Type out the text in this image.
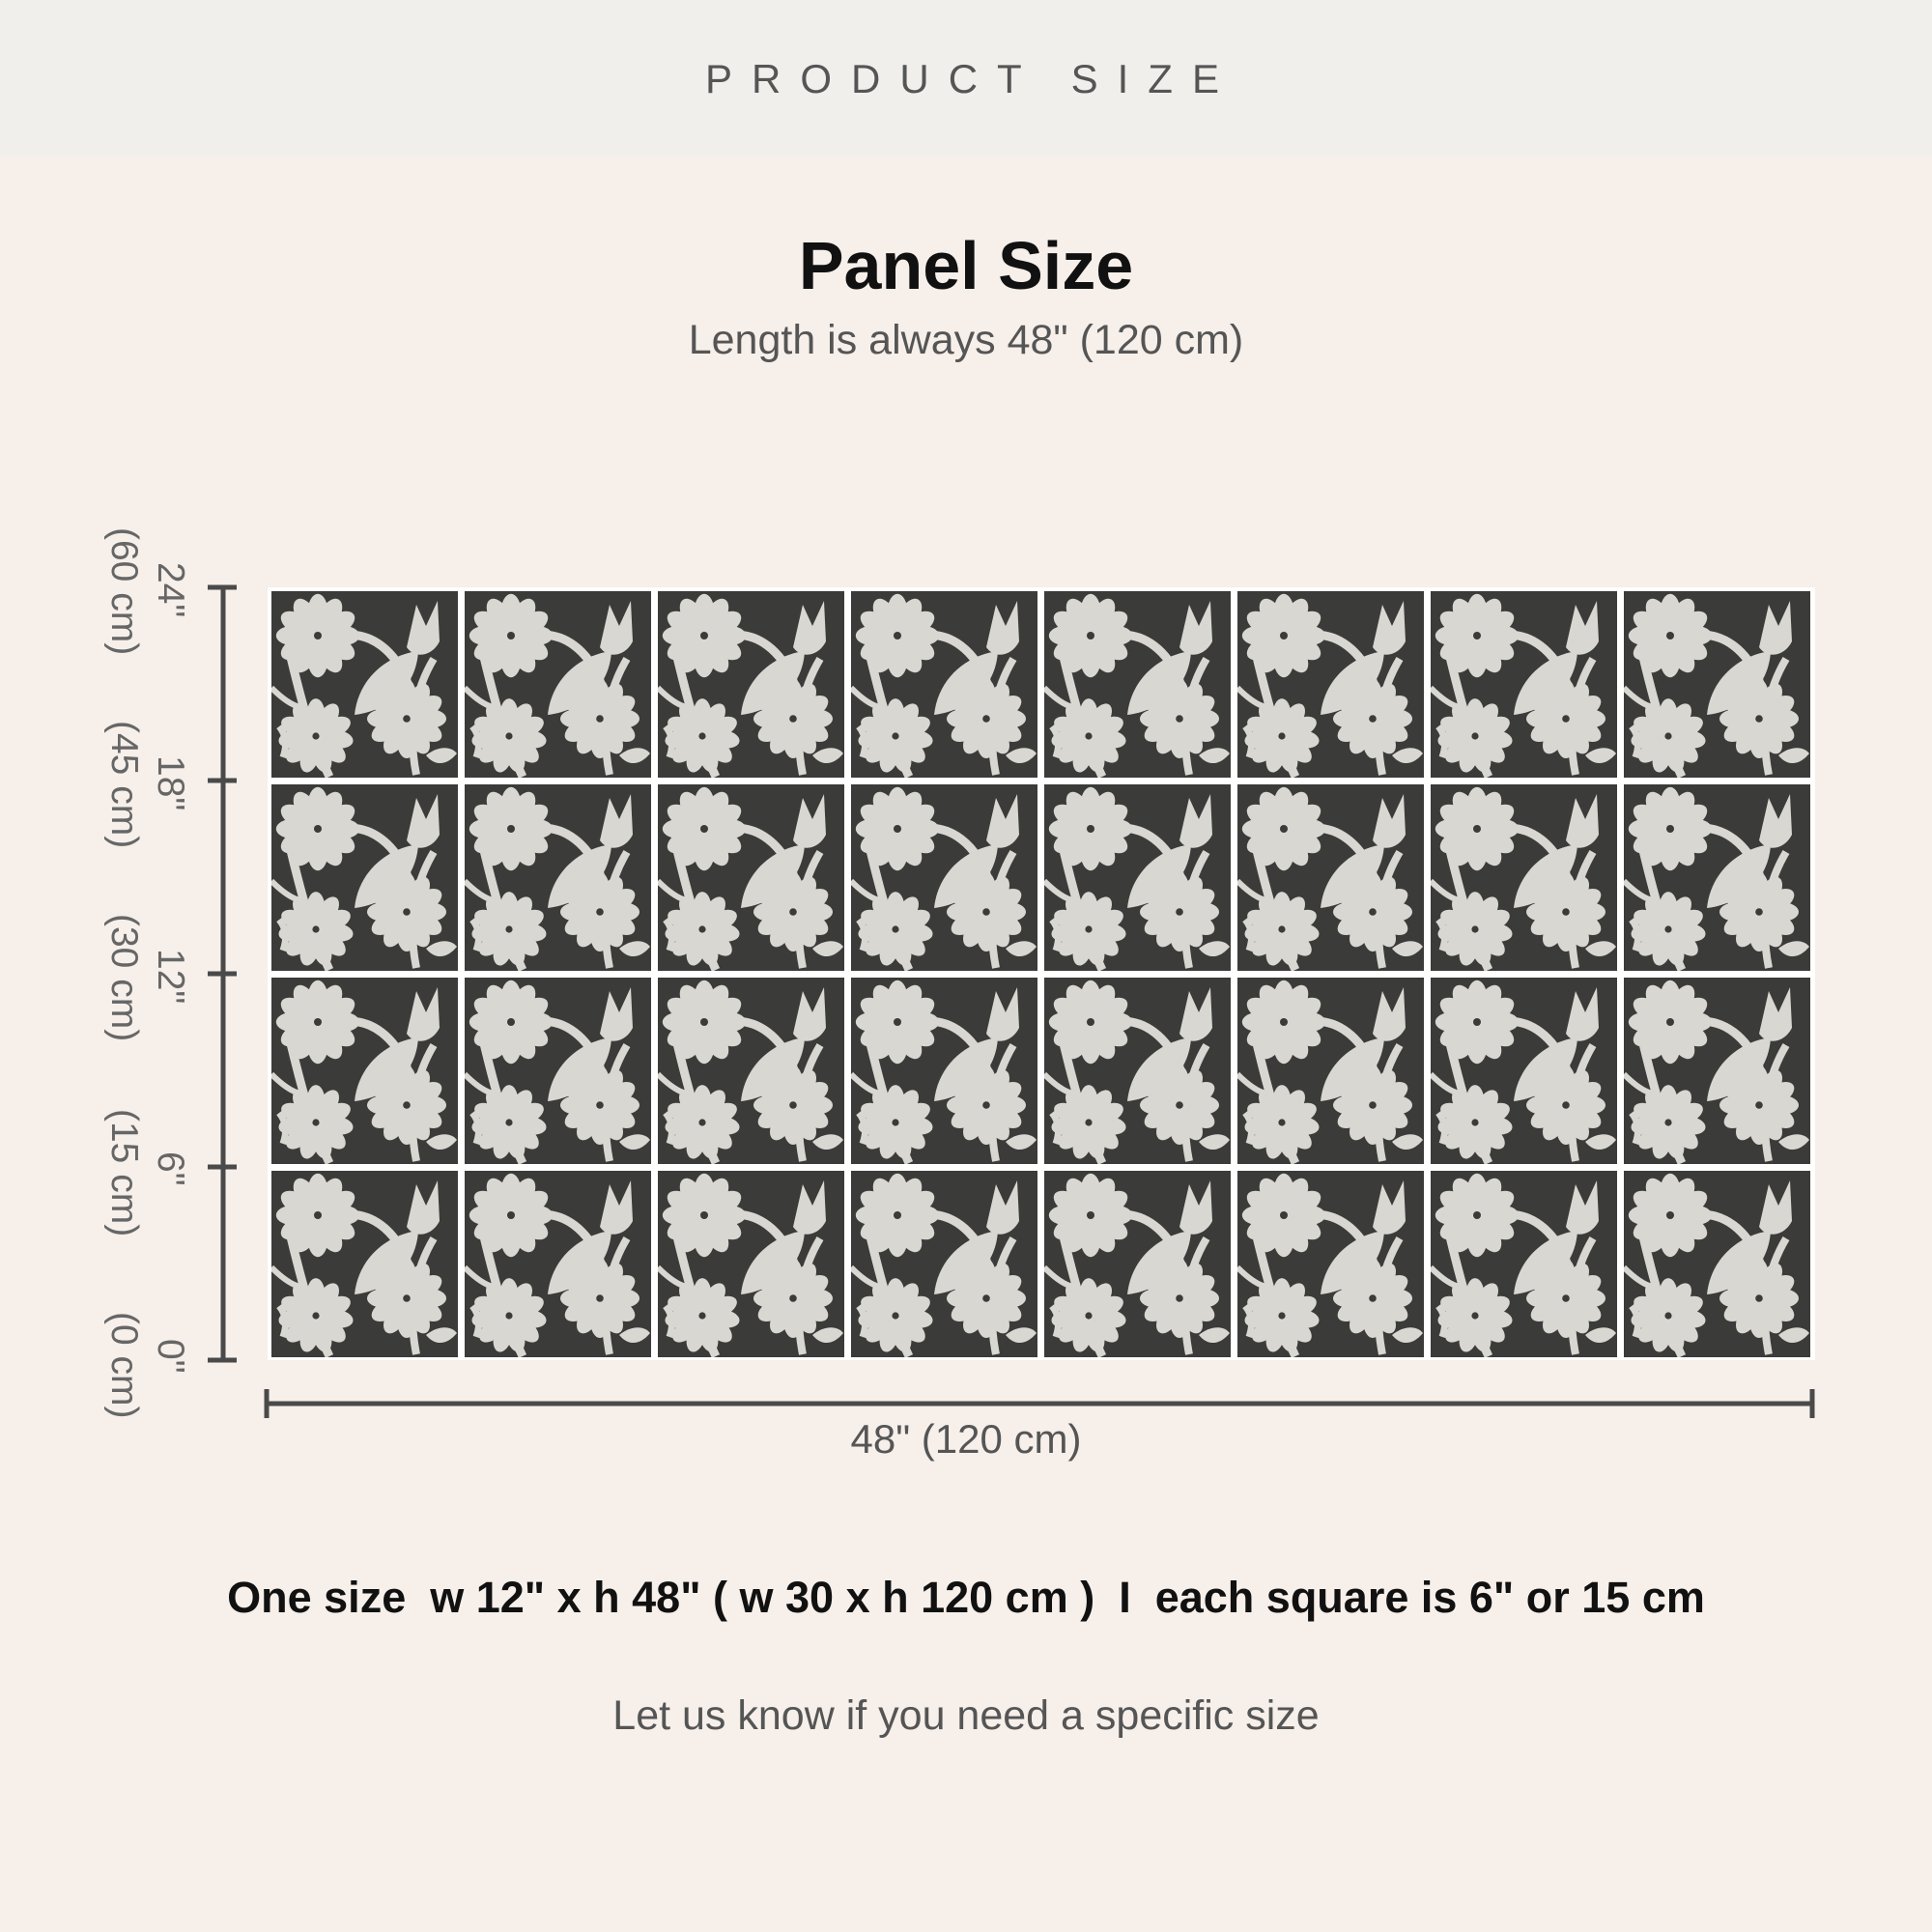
PRODUCT SIZE
Panel Size
Length is always 48" (120 cm)
24"
(60 cm)
18"
(45 cm)
12"
(30 cm)
6"
(15 cm)
0"
(0 cm)
48" (120 cm)
One size  w 12" x h 48" ( w 30 x h 120 cm )  I  each square is 6" or 15 cm
Let us know if you need a specific size
